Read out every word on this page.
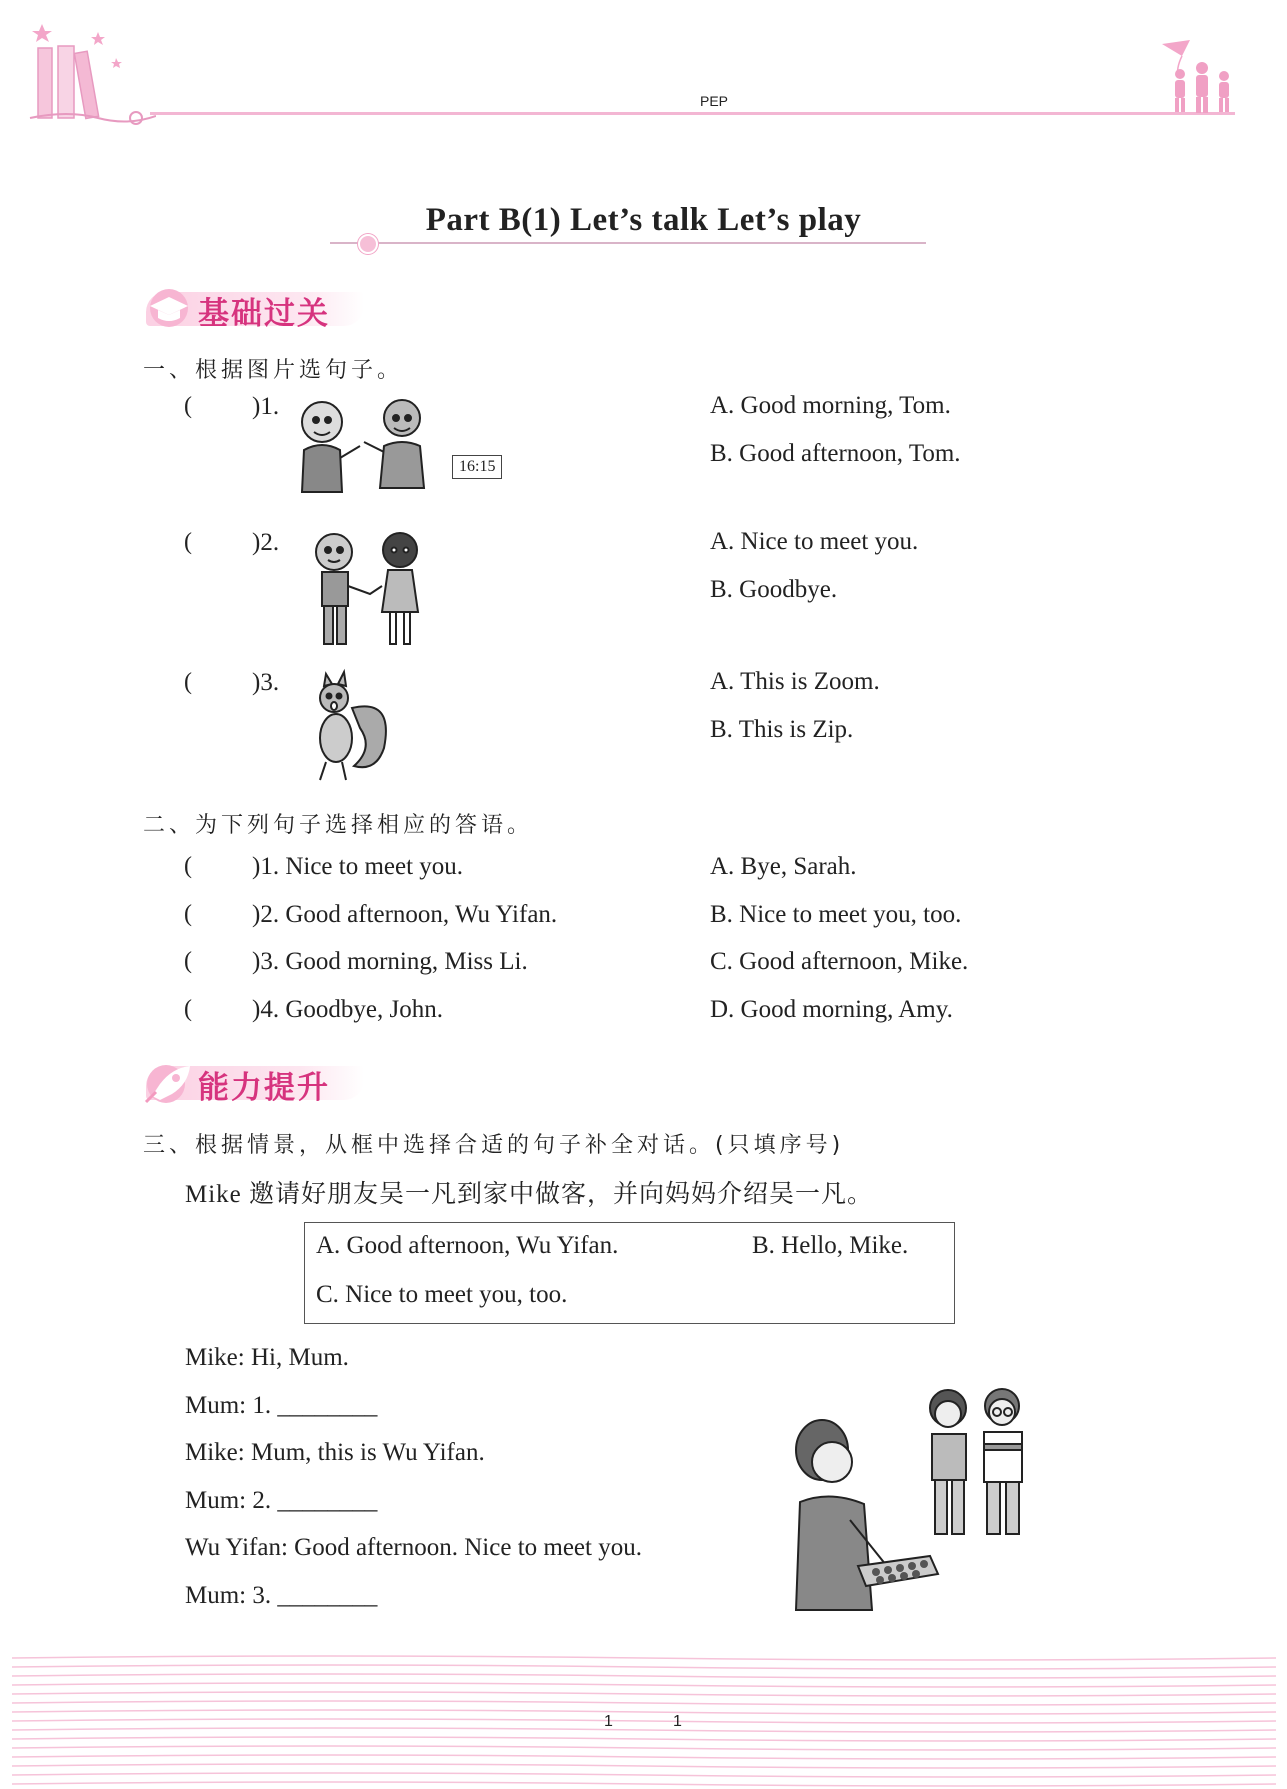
PEP
Part B(1) Let’s talk Let’s play
基础过关
一、根据图片选句子。
( )1.
16:15
A. Good morning, Tom.
B. Good afternoon, Tom.
( )2.	A. Nice to meet you.
B. Goodbye.
( )3.	A. This is Zoom.
B. This is Zip.
二、为下列句子选择相应的答语。
( )1. Nice to meet you.	A. Bye, Sarah.
( )2. Good afternoon, Wu Yifan.	B. Nice to meet you, too.
( )3. Good morning, Miss Li.	C. Good afternoon, Mike.
( )4. Goodbye, John.	D. Good morning, Amy.
能力提升
三、根据情景，从框中选择合适的句子补全对话。(只填序号)
Mike 邀请好朋友吴一凡到家中做客，并向妈妈介绍吴一凡。
A. Good afternoon, Wu Yifan.	B. Hello, Mike.
C. Nice to meet you, too.
Mike: Hi, Mum.
Mum: 1. ________
Mike: Mum, this is Wu Yifan.
Mum: 2. ________
Wu Yifan: Good afternoon. Nice to meet you.
Mum: 3. ________
1	1
